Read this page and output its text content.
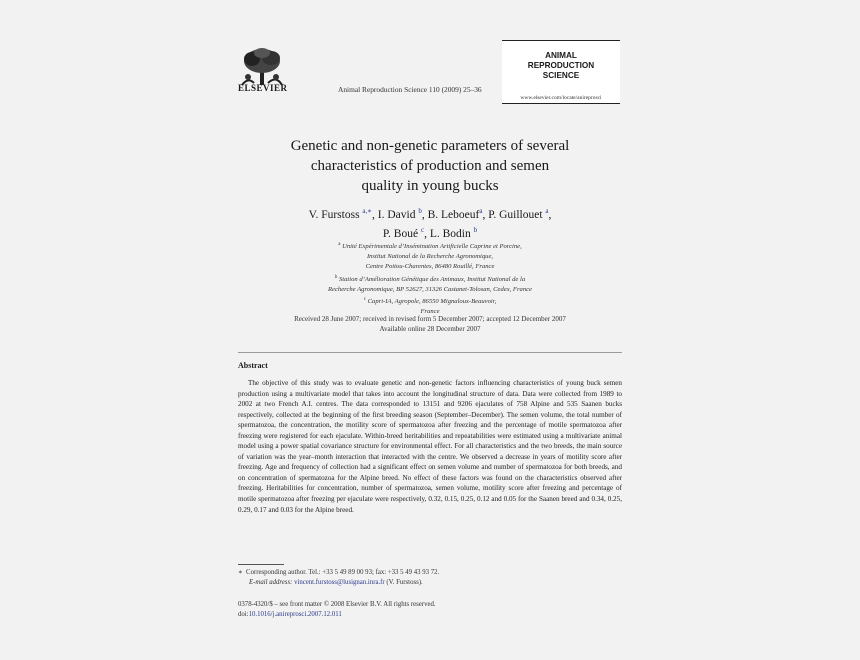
ELSEVIER	Animal Reproduction Science 110 (2009) 25–36
ANIMAL
REPRODUCTION
SCIENCE
www.elsevier.com/locate/anireprosci
Genetic and non-genetic parameters of several
characteristics of production and semen
quality in young bucks
V. Furstoss $^{a,∗}$, I. David $^b$, B. Leboeuf$^a$, P. Guillouet $^a$,
P. Boué $^c$, L. Bodin $^b$
$^a$ Unité Expérimentale d’Insémination Artificielle Caprine et Porcine,
Institut National de la Recherche Agronomique,
Centre Poitou-Charentes, 86480 Rouillé, France
$^b$ Station d’Amélioration Génétique des Animaux, Institut National de la
Recherche Agronomique, BP 52627, 31326 Castanet-Tolosan, Cedex, France
$^c$ Capri-IA, Agropole, 86550 Mignaloux-Beauvoir,
France
Received 28 June 2007; received in revised form 5 December 2007; accepted 12 December 2007
Available online 28 December 2007
Abstract

The objective of this study was to evaluate genetic and non-genetic factors influencing characteristics of young buck semen production using a multivariate model that takes into account the longitudinal structure of data. Data were collected from 1989 to 2002 at two French A.I. centres. The data corresponded to 13151 and 9206 ejaculates of 758 Alpine and 535 Saanen bucks respectively, collected at the beginning of the first breeding season (September–December). The semen volume, the total number of spermatozoa, the concentration, the motility score of spermatozoa after freezing and the percentage of motile spermatozoa after freezing were registered for each ejaculate. Within-breed heritabilities and repeatabilities were estimated using a multivariate animal model using a power spatial covariance structure for environmental effect. For all characteristics and the two breeds, the main source of variation was the year–month interaction that interacted with the centre. We observed a decrease in years of motility score after freezing. Age and frequency of collection had a significant effect on semen volume and number of spermatozoa for both breeds, and on concentration of spermatozoa for the Alpine breed. No effect of these factors was found on the characteristics observed after freezing. Heritabilities for concentration, number of spermatozoa, semen volume, motility score after freezing and percentage of motile spermatozoa after freezing per ejaculate were respectively, 0.32, 0.15, 0.25, 0.12 and 0.05 for the Saanen breed and 0.34, 0.25, 0.29, 0.17 and 0.03 for the Alpine breed.

∗ Corresponding author. Tel.: +33 5 49 89 00 93; fax: +33 5 49 43 93 72.
E-mail address: vincent.furstoss@lusignan.inra.fr (V. Furstoss).
0378-4320/$ – see front matter © 2008 Elsevier B.V. All rights reserved.
doi:10.1016/j.anireprosci.2007.12.011
